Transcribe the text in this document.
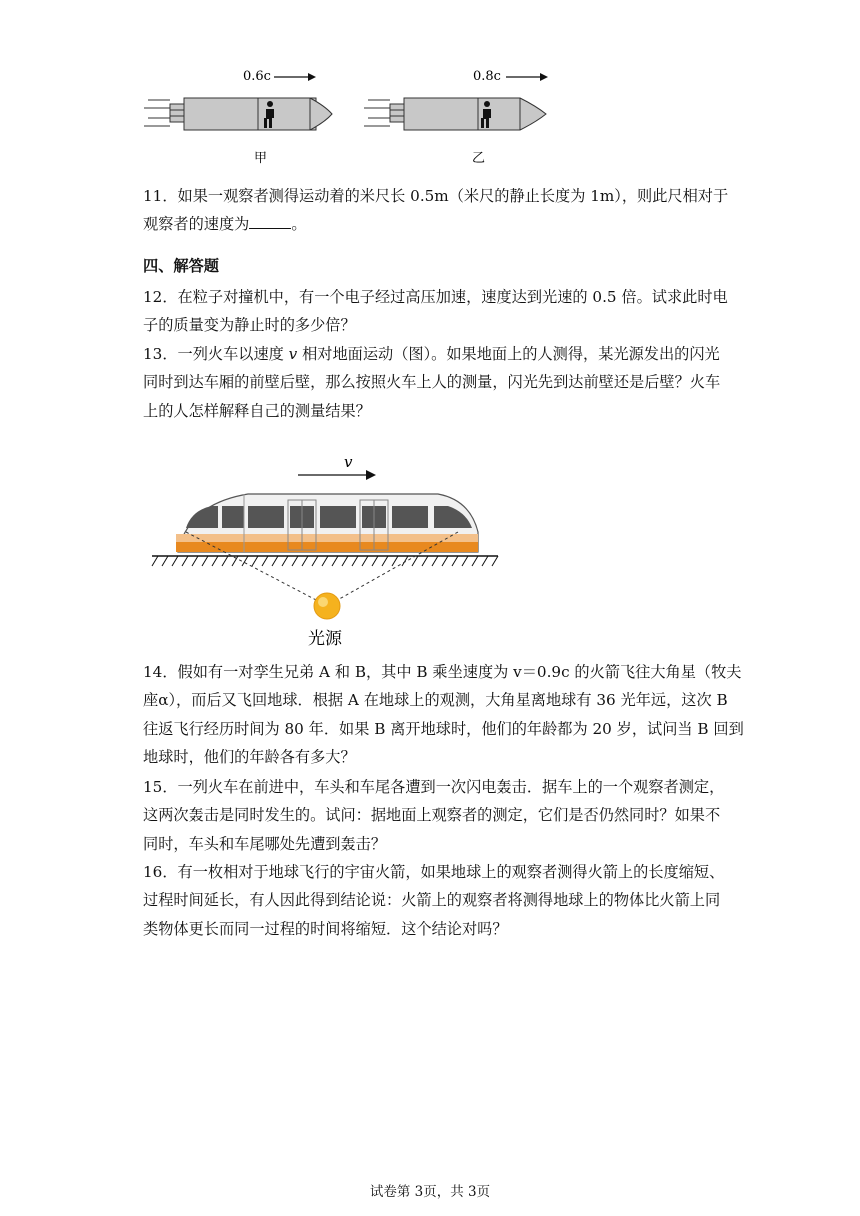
0.6c
甲
0.8c
乙
11．如果一观察者测得运动着的米尺长 0.5m（米尺的静止长度为 1m），则此尺相对于
观察者的速度为	。
四、解答题
12．在粒子对撞机中，有一个电子经过高压加速，速度达到光速的 0.5 倍。试求此时电
子的质量变为静止时的多少倍？
13．一列火车以速度 v 相对地面运动（图）。如果地面上的人测得，某光源发出的闪光
同时到达车厢的前壁后壁，那么按照火车上人的测量，闪光先到达前壁还是后壁？火车
上的人怎样解释自己的测量结果？
v
光源
14．假如有一对孪生兄弟 A 和 B，其中 B 乘坐速度为 v＝0.9c 的火箭飞往大角星（牧夫
座α），而后又飞回地球．根据 A 在地球上的观测，大角星离地球有 36 光年远，这次 B
往返飞行经历时间为 80 年．如果 B 离开地球时，他们的年龄都为 20 岁，试问当 B 回到
地球时，他们的年龄各有多大？
15．一列火车在前进中，车头和车尾各遭到一次闪电轰击．据车上的一个观察者测定，
这两次轰击是同时发生的。试问：据地面上观察者的测定，它们是否仍然同时？如果不
同时，车头和车尾哪处先遭到轰击？
16．有一枚相对于地球飞行的宇宙火箭，如果地球上的观察者测得火箭上的长度缩短、
过程时间延长，有人因此得到结论说：火箭上的观察者将测得地球上的物体比火箭上同
类物体更长而同一过程的时间将缩短．这个结论对吗？
试卷第 3页，共 3页
